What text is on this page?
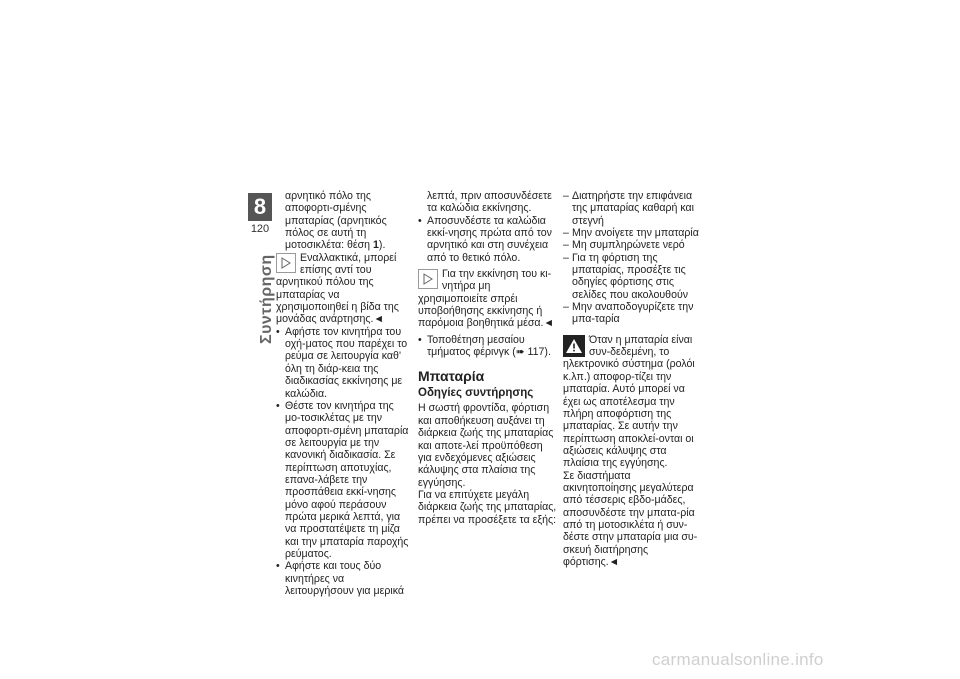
8
120
Συντήρηση

αρνητικό πόλο της αποφορτι-σμένης μπαταρίας (αρνητικός πόλος σε αυτή τη μοτοσικλέτα: θέση 1).

Εναλλακτικά, μπορεί επίσης αντί του αρνητικού πόλου της μπαταρίας να χρησιμοποιηθεί η βίδα της μονάδας ανάρτησης.◄

• Αφήστε τον κινητήρα του οχή-ματος που παρέχει το ρεύμα σε λειτουργία καθ' όλη τη διάρ-κεια της διαδικασίας εκκίνησης με καλώδια.
• Θέστε τον κινητήρα της μο-τοσικλέτας με την αποφορτι-σμένη μπαταρία σε λειτουργία με την κανονική διαδικασία. Σε περίπτωση αποτυχίας, επανα-λάβετε την προσπάθεια εκκί-νησης μόνο αφού περάσουν πρώτα μερικά λεπτά, για να προστατέψετε τη μίζα και την μπαταρία παροχής ρεύματος.
• Αφήστε και τους δύο κινητήρες να λειτουργήσουν για μερικά

λεπτά, πριν αποσυνδέσετε τα καλώδια εκκίνησης.

• Αποσυνδέστε τα καλώδια εκκί-νησης πρώτα από τον αρνητικό και στη συνέχεια από το θετικό πόλο.

Για την εκκίνηση του κι-νητήρα μη χρησιμοποιείτε σπρέι υποβοήθησης εκκίνησης ή παρόμοια βοηθητικά μέσα.◄

• Τοποθέτηση μεσαίου τμήματος φέρινγκ (➠ 117).
Μπαταρία
Οδηγίες συντήρησης

Η σωστή φροντίδα, φόρτιση και αποθήκευση αυξάνει τη διάρκεια ζωής της μπαταρίας και αποτε-λεί προϋπόθεση για ενδεχόμενες αξιώσεις κάλυψης στα πλαίσια της εγγύησης.

Για να επιτύχετε μεγάλη διάρκεια ζωής της μπαταρίας, πρέπει να προσέξετε τα εξής:

– Διατηρήστε την επιφάνεια της μπαταρίας καθαρή και στεγνή
– Μην ανοίγετε την μπαταρία
– Μη συμπληρώνετε νερό
– Για τη φόρτιση της μπαταρίας, προσέξτε τις οδηγίες φόρτισης στις σελίδες που ακολουθούν
– Μην αναποδογυρίζετε την μπα-ταρία

Όταν η μπαταρία είναι συν-δεδεμένη, το ηλεκτρονικό σύστημα (ρολόι κ.λπ.) αποφορ-τίζει την μπαταρία. Αυτό μπορεί να έχει ως αποτέλεσμα την πλήρη αποφόρτιση της μπαταρίας. Σε αυτήν την περίπτωση αποκλεί-ονται οι αξιώσεις κάλυψης στα πλαίσια της εγγύησης.

Σε διαστήματα ακινητοποίησης μεγαλύτερα από τέσσερις εβδο-μάδες, αποσυνδέστε την μπατα-ρία από τη μοτοσικλέτα ή συν-δέστε στην μπαταρία μια συ-σκευή διατήρησης φόρτισης.◄

carmanualsonline.info
